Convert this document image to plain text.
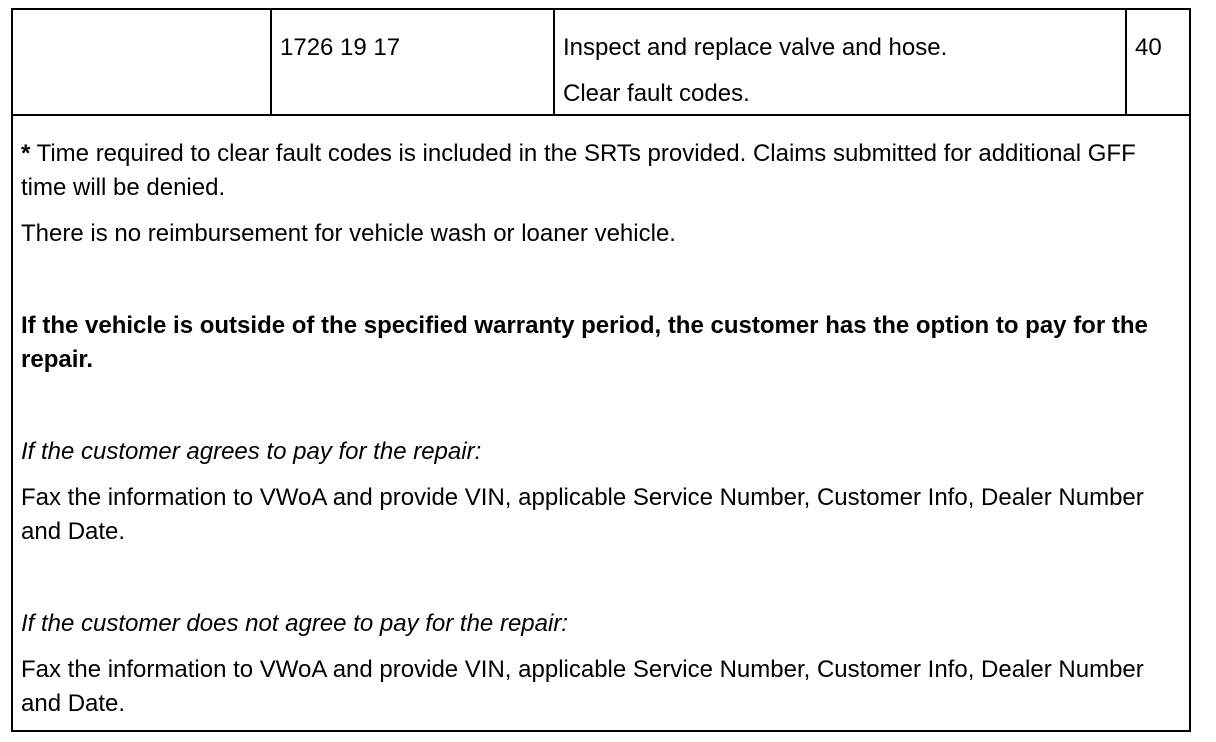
1726 19 17	Inspect and replace valve and hose.

Clear fault codes.

40

* Time required to clear fault codes is included in the SRTs provided. Claims submitted for additional GFF time will be denied.

There is no reimbursement for vehicle wash or loaner vehicle.

If the vehicle is outside of the specified warranty period, the customer has the option to pay for the repair.

If the customer agrees to pay for the repair:

Fax the information to VWoA and provide VIN, applicable Service Number, Customer Info, Dealer Number and Date.

If the customer does not agree to pay for the repair:

Fax the information to VWoA and provide VIN, applicable Service Number, Customer Info, Dealer Number and Date.
